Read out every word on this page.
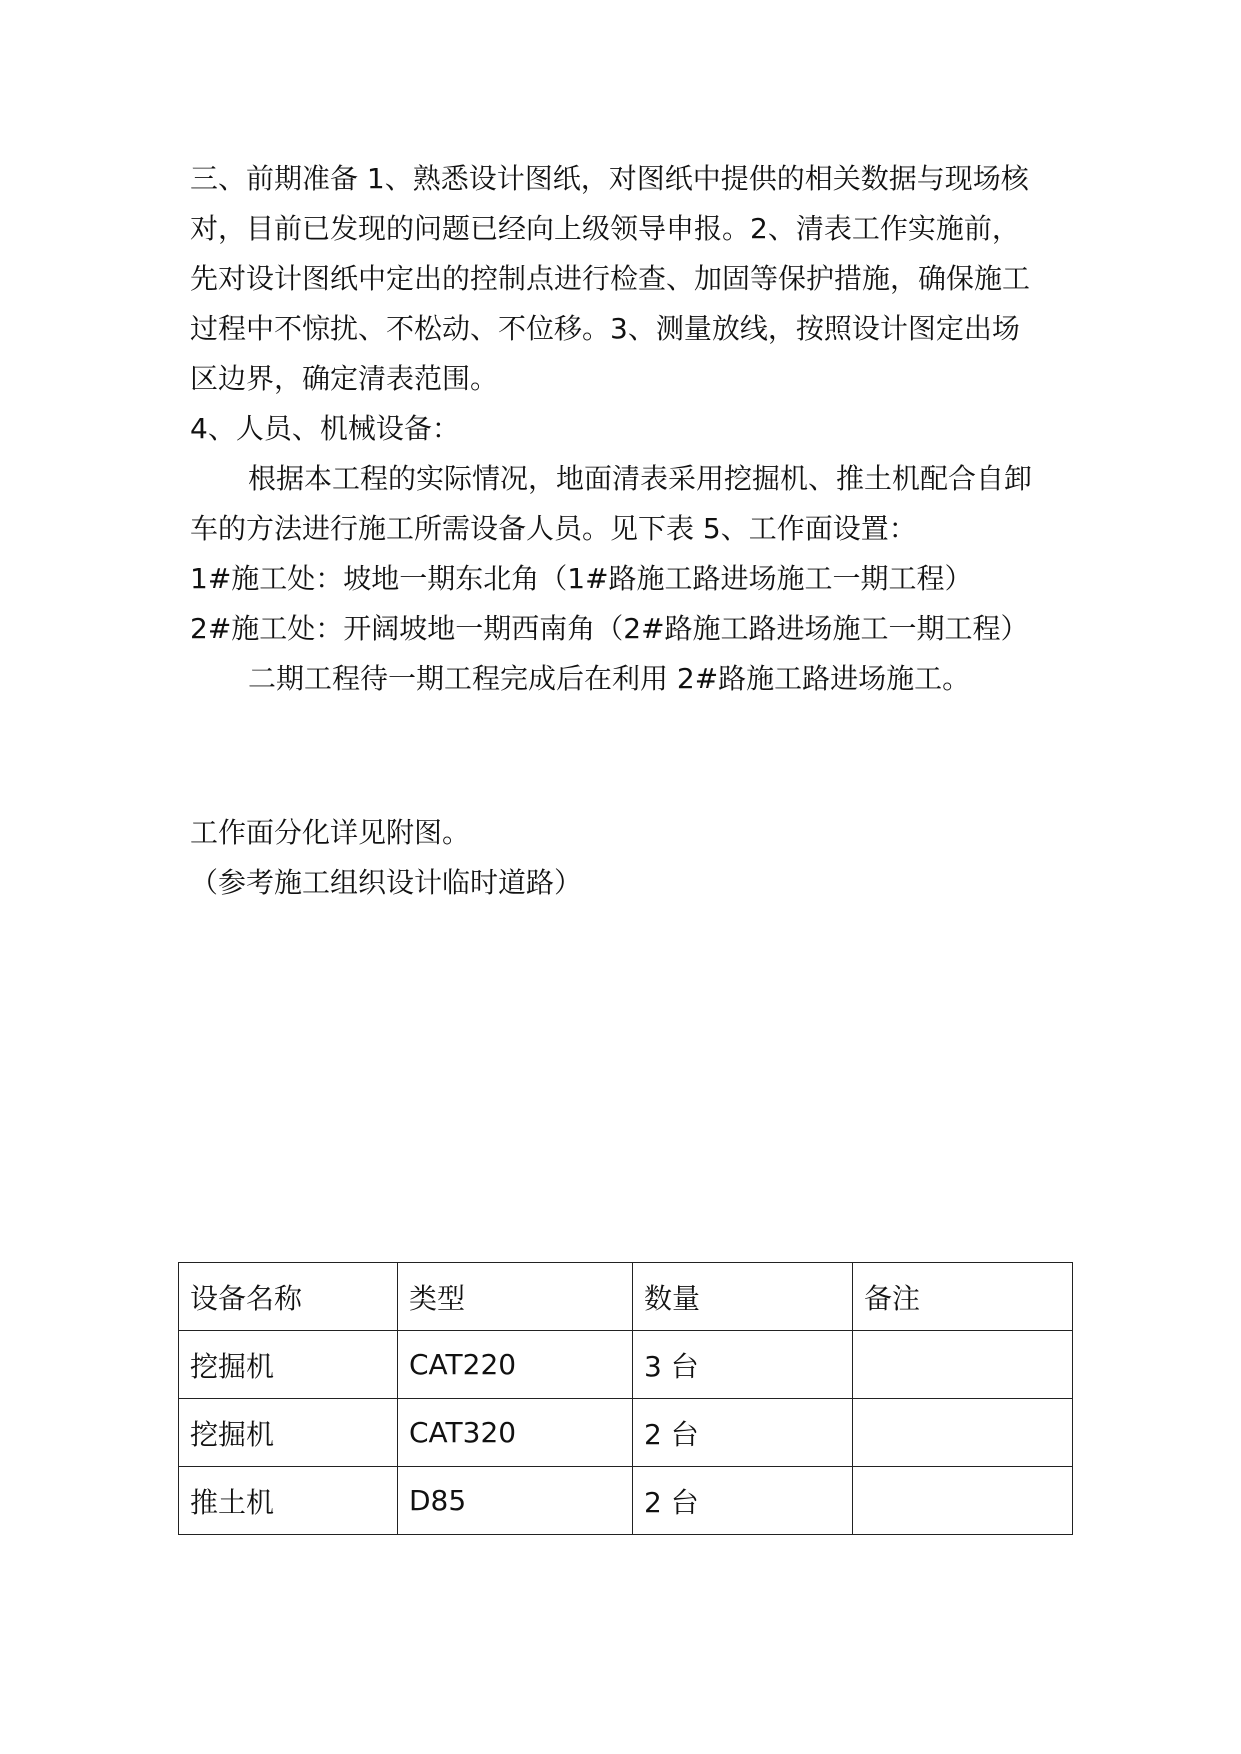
三、前期准备 1、熟悉设计图纸，对图纸中提供的相关数据与现场核
对，目前已发现的问题已经向上级领导申报。2、清表工作实施前，
先对设计图纸中定出的控制点进行检查、加固等保护措施，确保施工
过程中不惊扰、不松动、不位移。3、测量放线，按照设计图定出场
区边界，确定清表范围。
4、人员、机械设备：
根据本工程的实际情况，地面清表采用挖掘机、推土机配合自卸
车的方法进行施工所需设备人员。见下表 5、工作面设置：
1#施工处：坡地一期东北角（1#路施工路进场施工一期工程）
2#施工处：开阔坡地一期西南角（2#路施工路进场施工一期工程）
二期工程待一期工程完成后在利用 2#路施工路进场施工。
工作面分化详见附图。
（参考施工组织设计临时道路）
设备名称	类型	数量	备注
挖掘机	CAT220	3 台	
挖掘机	CAT320	2 台	
推土机	D85	2 台	
